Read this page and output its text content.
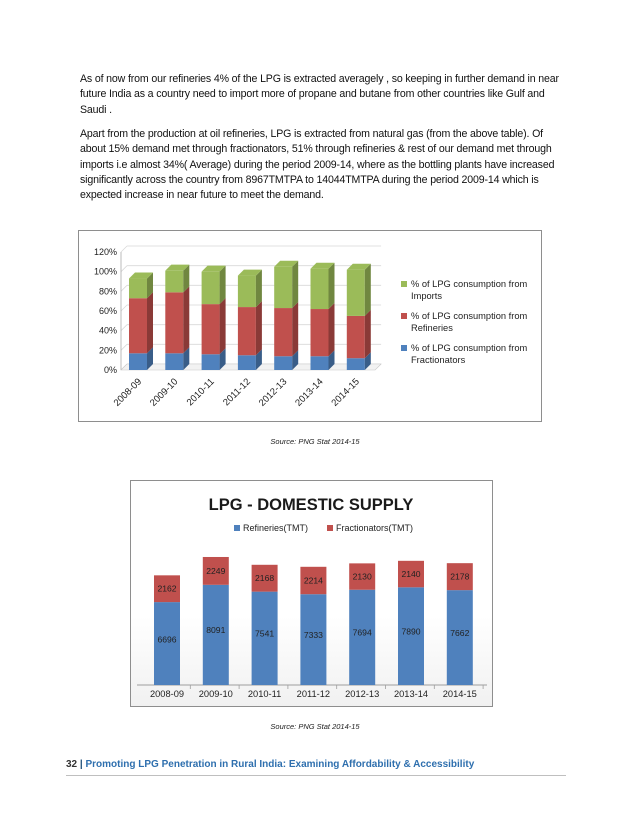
As of now from our refineries 4% of the LPG is extracted averagely , so keeping in further demand in near future India as a country need to import more of propane and butane from other countries like Gulf and Saudi .

Apart from the production at oil refineries, LPG is extracted from natural gas (from the above table). Of about 15% demand met through fractionators, 51% through refineries & rest of our demand met through imports i.e almost 34%( Average) during the period 2009-14, where as the bottling plants have increased significantly across the country from 8967TMTPA to 14044TMTPA during the period 2009-14 which is expected increase in near future to meet the demand.

0%
20%
40%
60%
80%
100%
120%
2008-09 2009-10 2010-11 2011-12 2012-13 2013-14 2014-15
% of LPG consumption from Imports
% of LPG consumption from Refineries
% of LPG consumption from Fractionators
Source: PNG Stat 2014-15
LPG - DOMESTIC SUPPLY
Refineries(TMT)	Fractionators(TMT)
6696
2162
2008-09
8091
2249
2009-10
7541
2168
2010-11
7333
2214
2011-12
7694
2130
2012-13
7890
2140
2013-14
7662
2178
2014-15
Source: PNG Stat 2014-15
32 | Promoting LPG Penetration in Rural India: Examining Affordability & Accessibility
